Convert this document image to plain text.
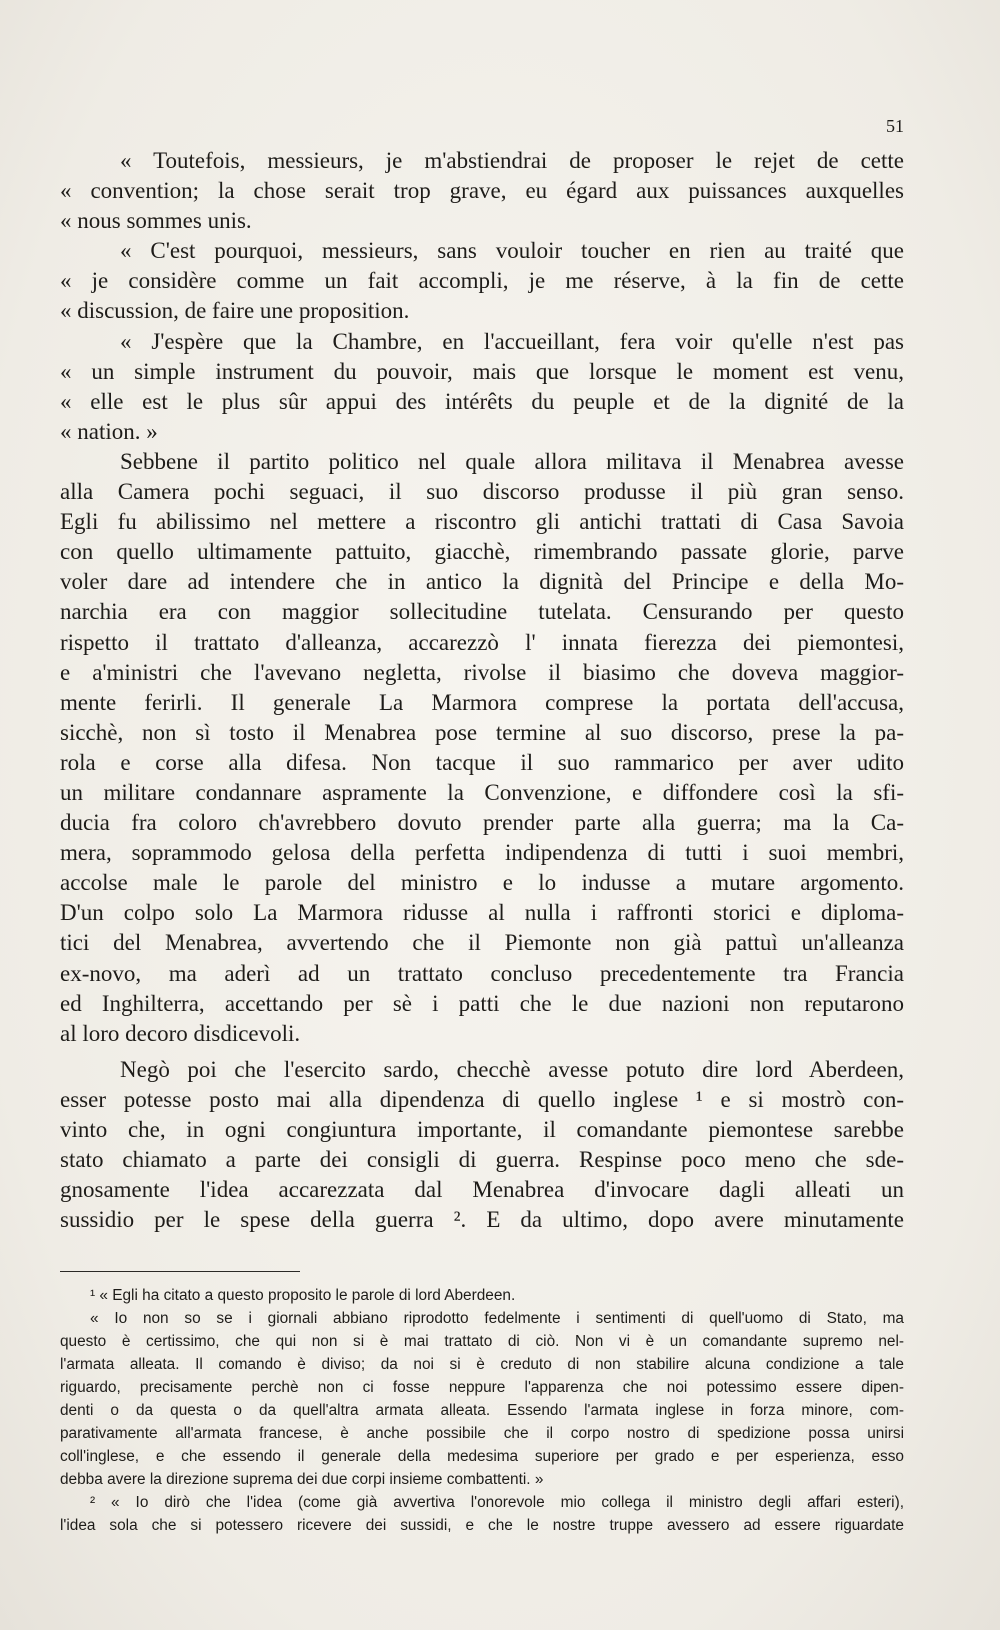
51
« Toutefois, messieurs, je m'abstiendrai de proposer le rejet de cette
« convention; la chose serait trop grave, eu égard aux puissances auxquelles
« nous sommes unis.
« C'est pourquoi, messieurs, sans vouloir toucher en rien au traité que
« je considère comme un fait accompli, je me réserve, à la fin de cette
« discussion, de faire une proposition.
« J'espère que la Chambre, en l'accueillant, fera voir qu'elle n'est pas
« un simple instrument du pouvoir, mais que lorsque le moment est venu,
« elle est le plus sûr appui des intérêts du peuple et de la dignité de la
« nation. »
Sebbene il partito politico nel quale allora militava il Menabrea avesse
alla Camera pochi seguaci, il suo discorso produsse il più gran senso.
Egli fu abilissimo nel mettere a riscontro gli antichi trattati di Casa Savoia
con quello ultimamente pattuito, giacchè, rimembrando passate glorie, parve
voler dare ad intendere che in antico la dignità del Principe e della Mo-
narchia era con maggior sollecitudine tutelata. Censurando per questo
rispetto il trattato d'alleanza, accarezzò l' innata fierezza dei piemontesi,
e a'ministri che l'avevano negletta, rivolse il biasimo che doveva maggior-
mente ferirli. Il generale La Marmora comprese la portata dell'accusa,
sicchè, non sì tosto il Menabrea pose termine al suo discorso, prese la pa-
rola e corse alla difesa. Non tacque il suo rammarico per aver udito
un militare condannare aspramente la Convenzione, e diffondere così la sfi-
ducia fra coloro ch'avrebbero dovuto prender parte alla guerra; ma la Ca-
mera, soprammodo gelosa della perfetta indipendenza di tutti i suoi membri,
accolse male le parole del ministro e lo indusse a mutare argomento.
D'un colpo solo La Marmora ridusse al nulla i raffronti storici e diploma-
tici del Menabrea, avvertendo che il Piemonte non già pattuì un'alleanza
ex-novo, ma aderì ad un trattato concluso precedentemente tra Francia
ed Inghilterra, accettando per sè i patti che le due nazioni non reputarono
al loro decoro disdicevoli.
Negò poi che l'esercito sardo, checchè avesse potuto dire lord Aberdeen,
esser potesse posto mai alla dipendenza di quello inglese ¹ e si mostrò con-
vinto che, in ogni congiuntura importante, il comandante piemontese sarebbe
stato chiamato a parte dei consigli di guerra. Respinse poco meno che sde-
gnosamente l'idea accarezzata dal Menabrea d'invocare dagli alleati un
sussidio per le spese della guerra ². E da ultimo, dopo avere minutamente
¹ « Egli ha citato a questo proposito le parole di lord Aberdeen.
« Io non so se i giornali abbiano riprodotto fedelmente i sentimenti di quell'uomo di Stato, ma
questo è certissimo, che qui non si è mai trattato di ciò. Non vi è un comandante supremo nel-
l'armata alleata. Il comando è diviso; da noi si è creduto di non stabilire alcuna condizione a tale
riguardo, precisamente perchè non ci fosse neppure l'apparenza che noi potessimo essere dipen-
denti o da questa o da quell'altra armata alleata. Essendo l'armata inglese in forza minore, com-
parativamente all'armata francese, è anche possibile che il corpo nostro di spedizione possa unirsi
coll'inglese, e che essendo il generale della medesima superiore per grado e per esperienza, esso
debba avere la direzione suprema dei due corpi insieme combattenti. »
² « Io dirò che l'idea (come già avvertiva l'onorevole mio collega il ministro degli affari esteri),
l'idea sola che si potessero ricevere dei sussidi, e che le nostre truppe avessero ad essere riguardate
